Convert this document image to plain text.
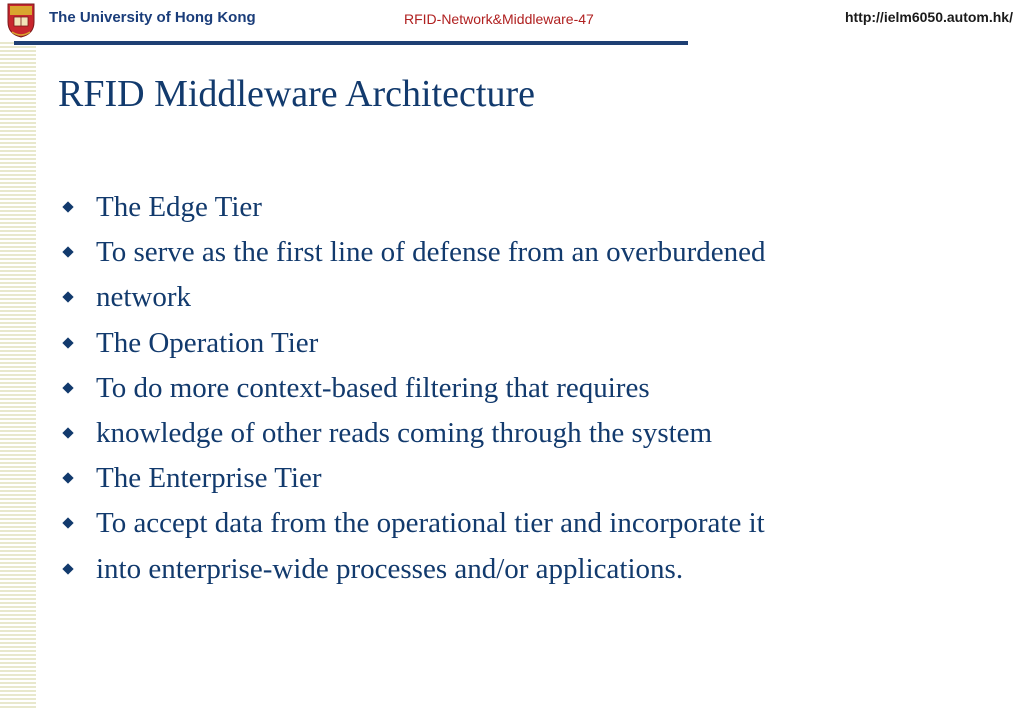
The University of Hong Kong	RFID-Network&Middleware-47	http://ielm6050.autom.hk/
RFID Middleware Architecture
The Edge Tier
To serve as the first line of defense from an overburdened
network
The Operation Tier
To do more context-based filtering that requires
knowledge of other reads coming through the system
The Enterprise Tier
To accept data from the operational tier and incorporate it
into enterprise-wide processes and/or applications.
